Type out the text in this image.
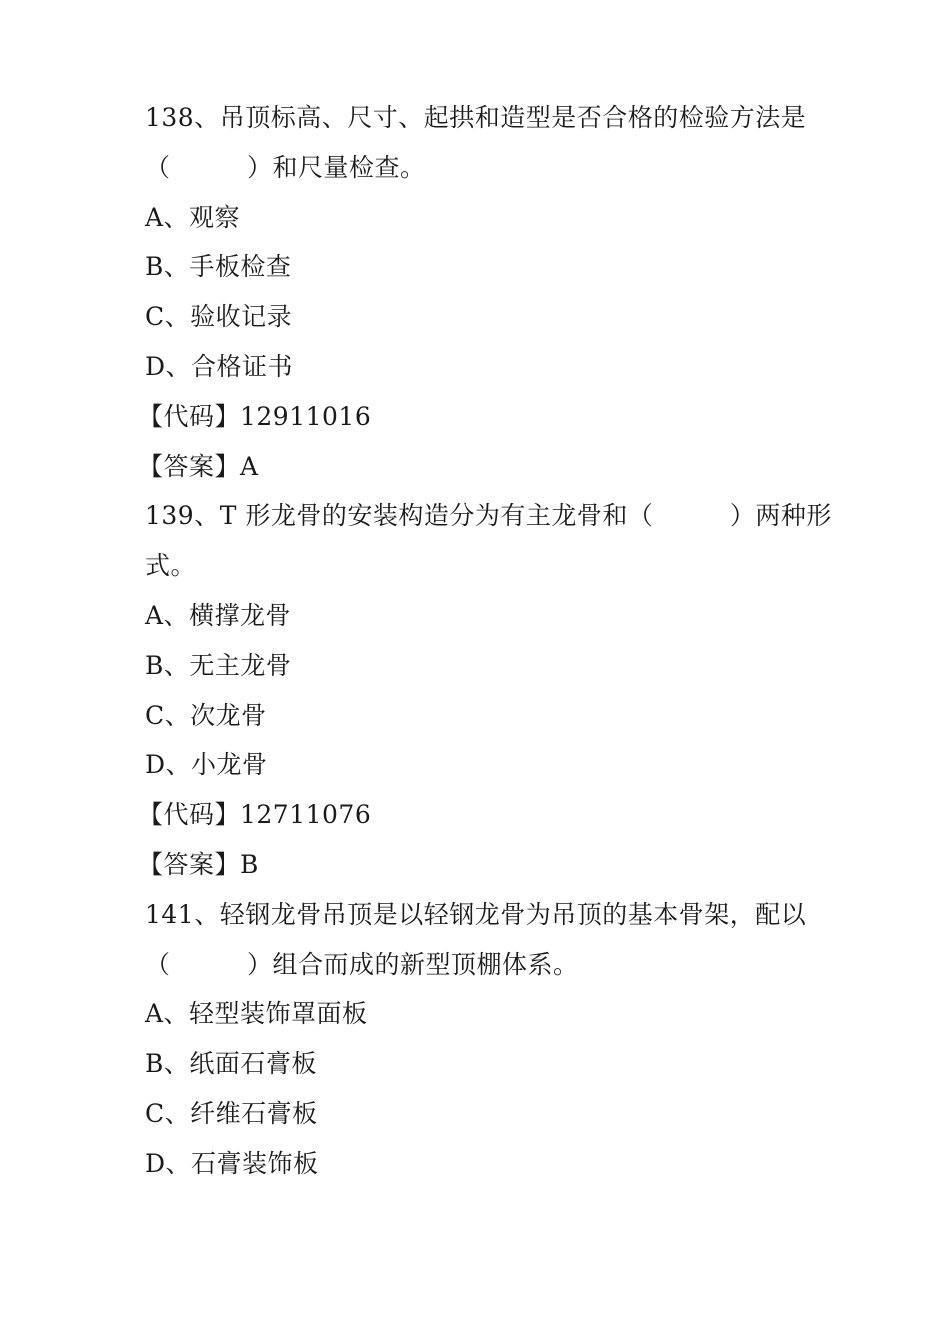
138、吊顶标高、尺寸、起拱和造型是否合格的检验方法是
（　　　）和尺量检查。
A、观察
B、手板检查
C、验收记录
D、合格证书
【代码】12911016
【答案】A
139、T 形龙骨的安装构造分为有主龙骨和（　　　）两种形
式。
A、横撑龙骨
B、无主龙骨
C、次龙骨
D、小龙骨
【代码】12711076
【答案】B
141、轻钢龙骨吊顶是以轻钢龙骨为吊顶的基本骨架，配以
（　　　）组合而成的新型顶棚体系。
A、轻型装饰罩面板
B、纸面石膏板
C、纤维石膏板
D、石膏装饰板
